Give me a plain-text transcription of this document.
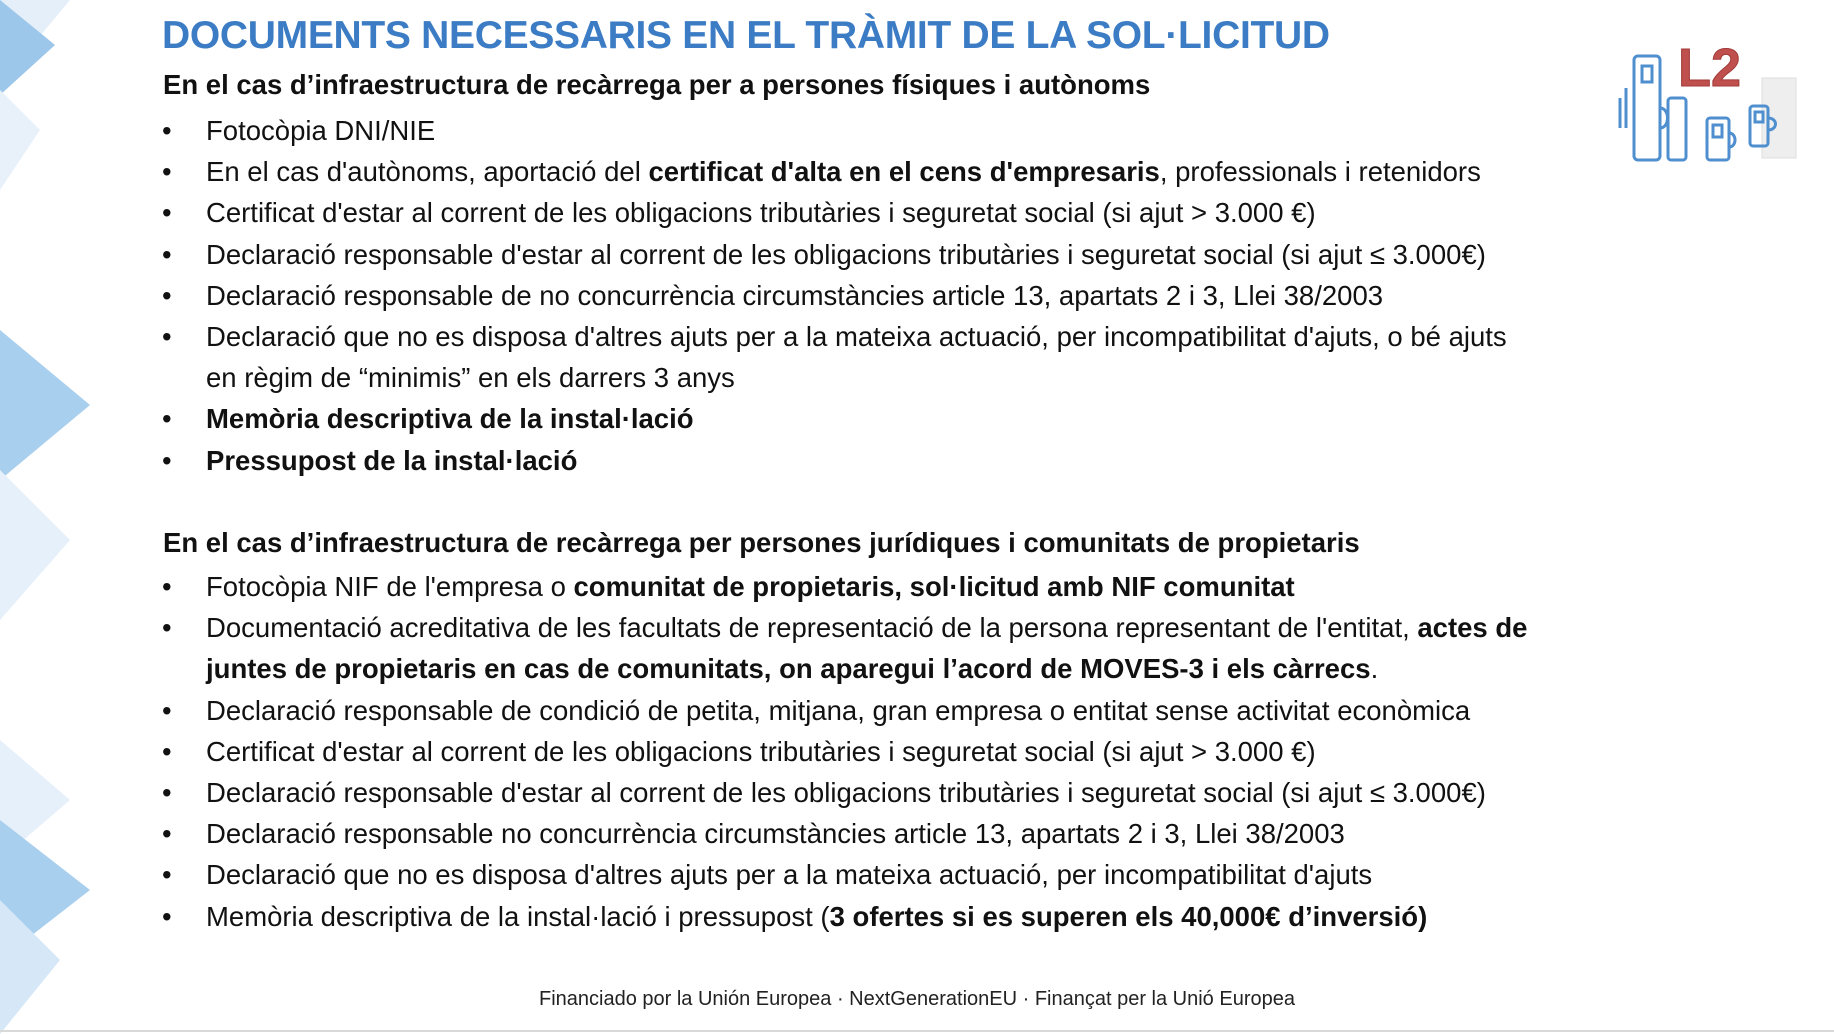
DOCUMENTS NECESSARIS EN EL TRÀMIT DE LA SOL·LICITUD
L2
En el cas d’infraestructura de recàrrega per a persones físiques i autònoms
• Fotocòpia DNI/NIE
• En el cas d'autònoms, aportació del certificat d'alta en el cens d'empresaris, professionals i retenidors
• Certificat d'estar al corrent de les obligacions tributàries i seguretat social (si ajut > 3.000 €)
• Declaració responsable d'estar al corrent de les obligacions tributàries i seguretat social (si ajut ≤ 3.000€)
• Declaració responsable de no concurrència circumstàncies article 13, apartats 2 i 3, Llei 38/2003
• Declaració que no es disposa d'altres ajuts per a la mateixa actuació, per incompatibilitat d'ajuts, o bé ajuts
en règim de “minimis” en els darrers 3 anys
• Memòria descriptiva de la instal·lació
• Pressupost de la instal·lació
En el cas d’infraestructura de recàrrega per persones jurídiques i comunitats de propietaris
• Fotocòpia NIF de l'empresa o comunitat de propietaris, sol·licitud amb NIF comunitat
• Documentació acreditativa de les facultats de representació de la persona representant de l'entitat, actes de
juntes de propietaris en cas de comunitats, on aparegui l’acord de MOVES-3 i els càrrecs.
• Declaració responsable de condició de petita, mitjana, gran empresa o entitat sense activitat econòmica
• Certificat d'estar al corrent de les obligacions tributàries i seguretat social (si ajut > 3.000 €)
• Declaració responsable d'estar al corrent de les obligacions tributàries i seguretat social (si ajut ≤ 3.000€)
• Declaració responsable no concurrència circumstàncies article 13, apartats 2 i 3, Llei 38/2003
• Declaració que no es disposa d'altres ajuts per a la mateixa actuació, per incompatibilitat d'ajuts
• Memòria descriptiva de la instal·lació i pressupost (3 ofertes si es superen els 40,000€ d’inversió)
Financiado por la Unión Europea · NextGenerationEU · Finançat per la Unió Europea
